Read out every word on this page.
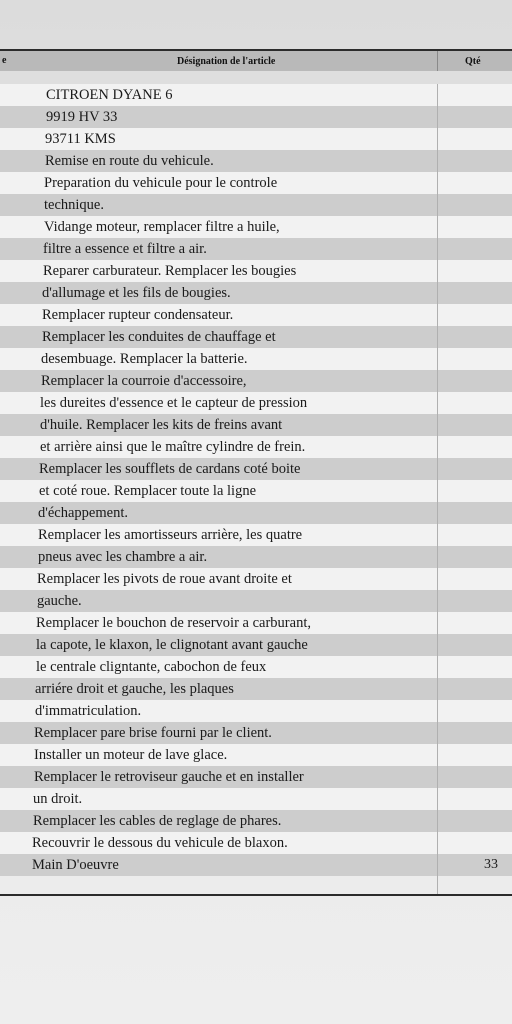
e	Désignation de l'article	Qté
CITROEN DYANE 6
9919 HV 33
93711 KMS
Remise en route du vehicule.
Preparation du vehicule pour le controle
technique.
Vidange moteur, remplacer filtre a huile,
filtre a essence et filtre a air.
Reparer carburateur. Remplacer les bougies
d'allumage et les fils de bougies.
Remplacer rupteur condensateur.
Remplacer les conduites de chauffage et
desembuage. Remplacer la batterie.
Remplacer la courroie d'accessoire,
les dureites d'essence et le capteur de pression
d'huile. Remplacer les kits de freins avant
et arrière ainsi que le maître cylindre de frein.
Remplacer les soufflets de cardans coté boite
et coté roue. Remplacer toute la ligne
d'échappement.
Remplacer les amortisseurs arrière, les quatre
pneus avec les chambre a air.
Remplacer les pivots de roue avant droite et
gauche.
Remplacer le bouchon de reservoir a carburant,
la capote, le klaxon, le clignotant avant gauche
le centrale clignt​ante, cabochon de feux
arriére droit et gauche, les plaques
d'immatriculation.
Remplacer pare brise fourni par le client.
Installer un moteur de lave glace.
Remplacer le retroviseur gauche et en installer
un droit.
Remplacer les cables de reglage de phares.
Recouvrir le dessous du vehicule de blaxon.
Main D'oeuvre	33
